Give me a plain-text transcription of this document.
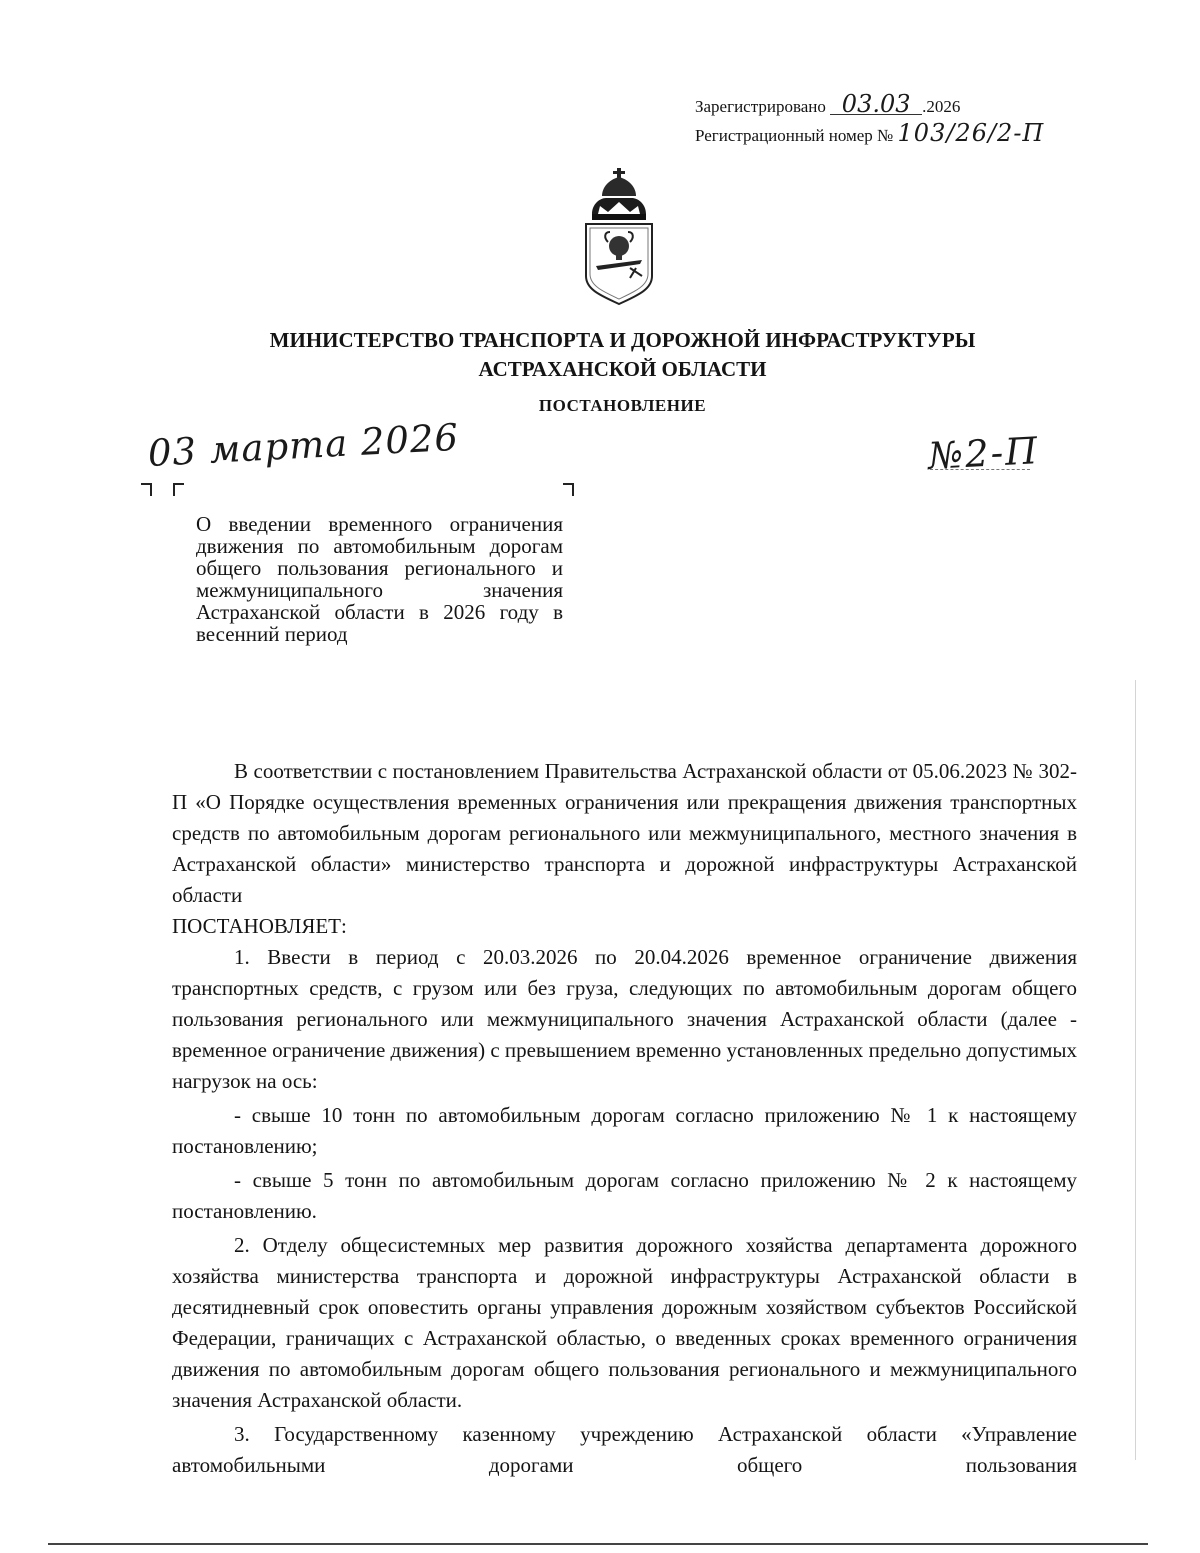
Зарегистрировано 03.03 .2026
Регистрационный номер № 103/26/2-П
МИНИСТЕРСТВО ТРАНСПОРТА И ДОРОЖНОЙ ИНФРАСТРУКТУРЫ
АСТРАХАНСКОЙ ОБЛАСТИ
ПОСТАНОВЛЕНИЕ
03 марта 2026	№2-П
О введении временного ограничения движения по автомобильным дорогам общего пользования регионального и межмуниципального значения Астраханской области в 2026 году в весенний период

В соответствии с постановлением Правительства Астраханской области от 05.06.2023 № 302-П «О Порядке осуществления временных ограничения или прекращения движения транспортных средств по автомобильным дорогам регионального или межмуниципального, местного значения в Астраханской области» министерство транспорта и дорожной инфраструктуры Астраханской области

ПОСТАНОВЛЯЕТ:

1. Ввести в период с 20.03.2026 по 20.04.2026 временное ограничение движения транспортных средств, с грузом или без груза, следующих по автомобильным дорогам общего пользования регионального или межмуниципального значения Астраханской области (далее - временное ограничение движения) с превышением временно установленных предельно допустимых нагрузок на ось:

- свыше 10 тонн по автомобильным дорогам согласно приложению № 1 к настоящему постановлению;

- свыше 5 тонн по автомобильным дорогам согласно приложению № 2 к настоящему постановлению.

2. Отделу общесистемных мер развития дорожного хозяйства департамента дорожного хозяйства министерства транспорта и дорожной инфраструктуры Астраханской области в десятидневный срок оповестить органы управления дорожным хозяйством субъектов Российской Федерации, граничащих с Астраханской областью, о введенных сроках временного ограничения движения по автомобильным дорогам общего пользования регионального и межмуниципального значения Астраханской области.

3. Государственному казенному учреждению Астраханской области «Управление автомобильными дорогами общего пользования
